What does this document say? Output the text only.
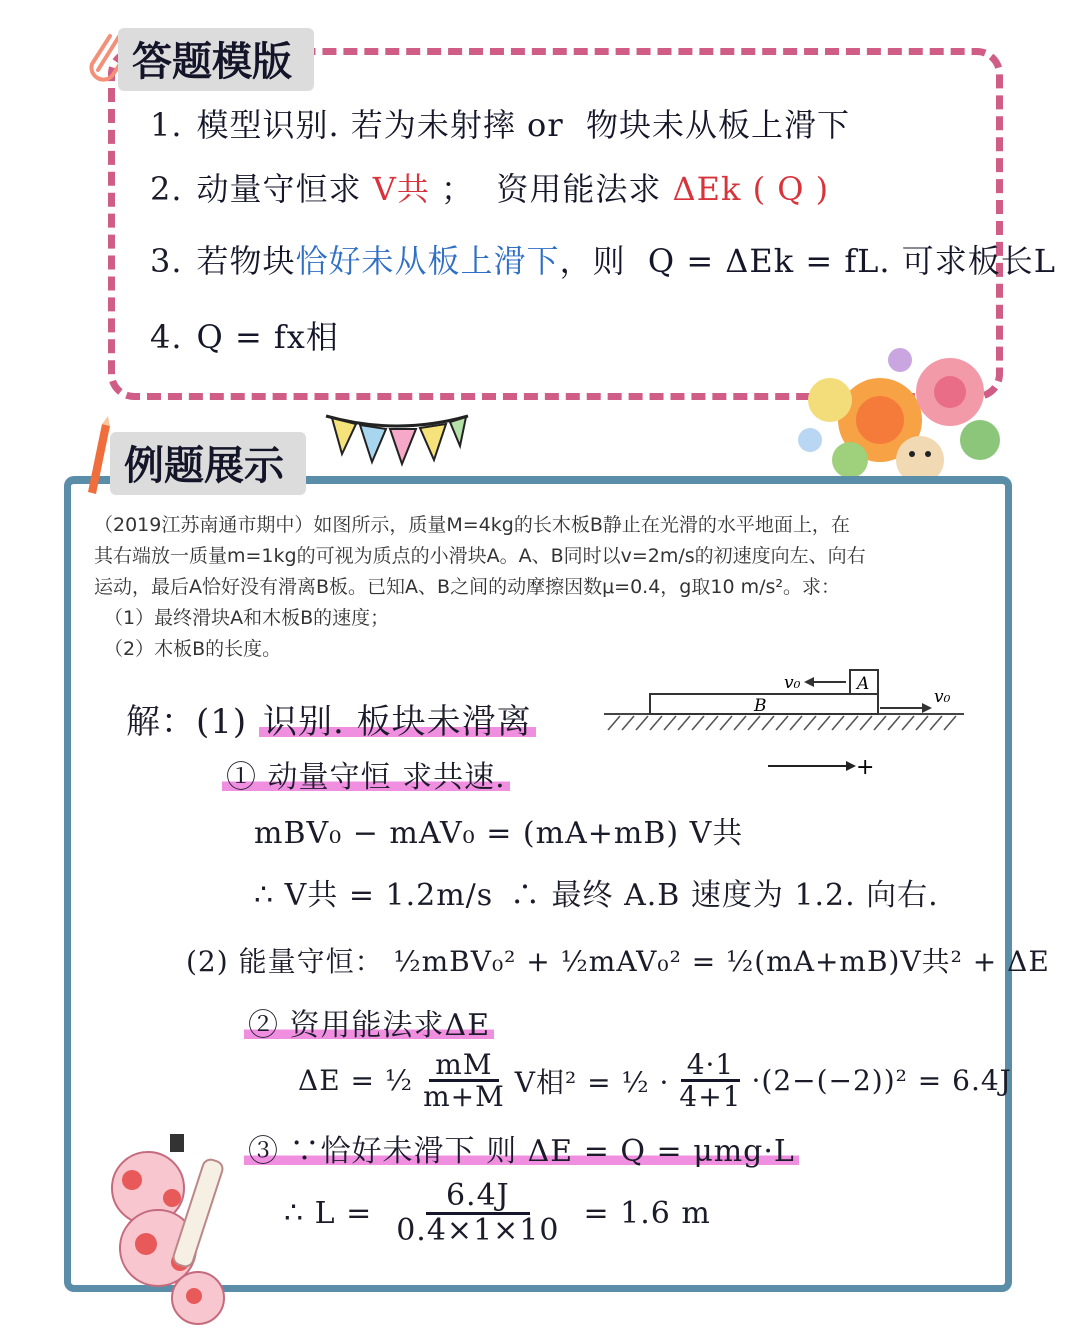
答题模版
1. 模型识别. 若为未射摔 or  物块未从板上滑下
2. 动量守恒求 V共 ；  资用能法求 ΔEk ( Q )
3. 若物块恰好未从板上滑下，则  Q = ΔEk = fL. 可求板长L
4. Q = fx相
例题展示
（2019江苏南通市期中）如图所示，质量M=4kg的长木板B静止在光滑的水平地面上，在
其右端放一质量m=1kg的可视为质点的小滑块A。A、B同时以v=2m/s的初速度向左、向右
运动，最后A恰好没有滑离B板。已知A、B之间的动摩擦因数μ=0.4，g取10 m/s²。求：
（1）最终滑块A和木板B的速度；
（2）木板B的长度。
v₀	A
B	v₀
+
解：(1) 识别. 板块未滑离
① 动量守恒 求共速.
mBV₀ − mAV₀ = (mA+mB) V共
∴ V共 = 1.2m/s ∴ 最终 A.B 速度为 1.2. 向右.
(2) 能量守恒： ½mBV₀² + ½mAV₀² = ½(mA+mB)V共² + ΔE
② 资用能法求ΔE
ΔE = ½ $\frac{mM}{m+M}$ V相² = ½ · $\frac{4\cdot 1}{4+1} \cdot(2-(-2))^2 = 6.4J$
③ ∵恰好未滑下 则 ΔE = Q = μmg·L
∴ $L = \frac{6.4J}{0.4\times 1\times 10} = 1.6$ m
